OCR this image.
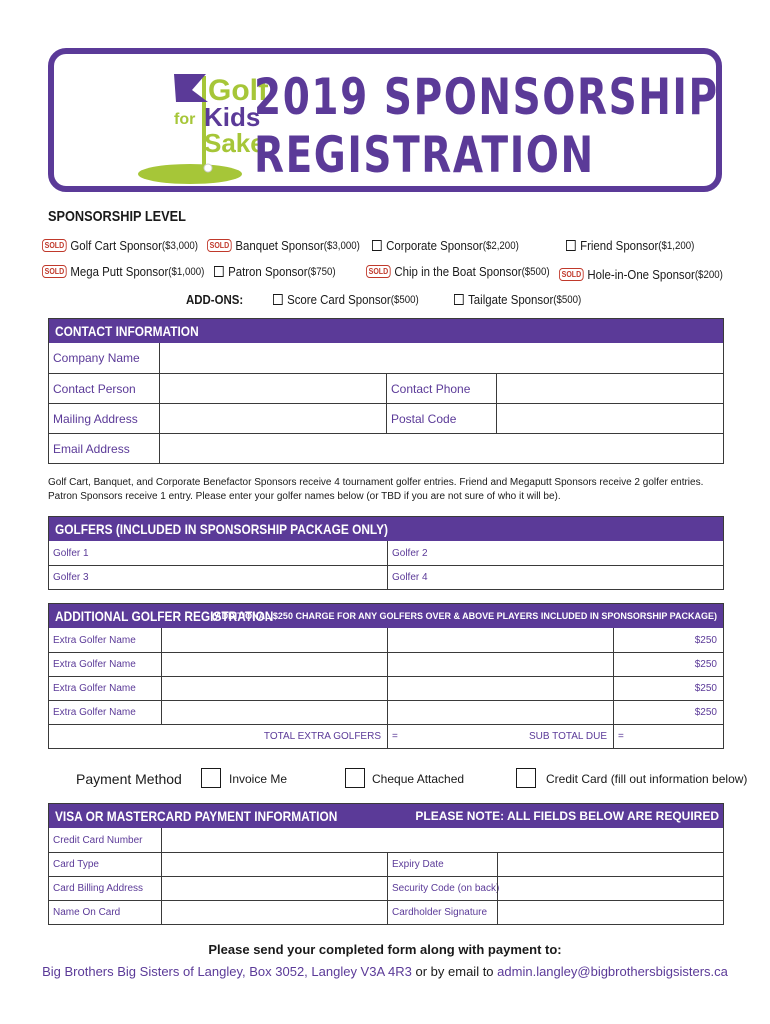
Golf
for Kids
Sake
2019 SPONSORSHIP
REGISTRATION
SPONSORSHIP LEVEL
SOLD Golf Cart Sponsor ($3,000)	SOLD Banquet Sponsor ($3,000) Corporate Sponsor ($2,200)	Friend Sponsor ($1,200)
SOLD Mega Putt Sponsor ($1,000) Patron Sponsor ($750)	SOLD Chip in the Boat Sponsor ($500)	SOLD Hole-in-One Sponsor ($200)
ADD-ONS:	Score Card Sponsor ($500)	Tailgate Sponsor ($500)
CONTACT INFORMATION
Company Name
Contact Person	Contact Phone
Mailing Address	Postal Code
Email Address
Golf Cart, Banquet, and Corporate Benefactor Sponsors receive 4 tournament golfer entries. Friend and Megaputt Sponsors receive 2 golfer entries. Patron Sponsors receive 1 entry. Please enter your golfer names below (or TBD if you are not sure of who it will be).
GOLFERS (INCLUDED IN SPONSORSHIP PACKAGE ONLY)
Golfer 1	Golfer 2
Golfer 3	Golfer 4
ADDITIONAL GOLFER REGISTRATION
(ADDITIONAL $250 CHARGE FOR ANY GOLFERS OVER & ABOVE PLAYERS INCLUDED IN SPONSORSHIP PACKAGE)
Extra Golfer Name	$250
Extra Golfer Name	$250
Extra Golfer Name	$250
Extra Golfer Name	$250
TOTAL EXTRA GOLFERS	=	SUB TOTAL DUE	=
Payment Method	Invoice Me	Cheque Attached	Credit Card (fill out information below)
VISA OR MASTERCARD PAYMENT INFORMATION	PLEASE NOTE: ALL FIELDS BELOW ARE REQUIRED
Credit Card Number
Card Type	Expiry Date
Card Billing Address	Security Code (on back)
Name On Card	Cardholder Signature
Please send your completed form along with payment to:
Big Brothers Big Sisters of Langley, Box 3052, Langley V3A 4R3 or by email to admin.langley@bigbrothersbigsisters.ca
